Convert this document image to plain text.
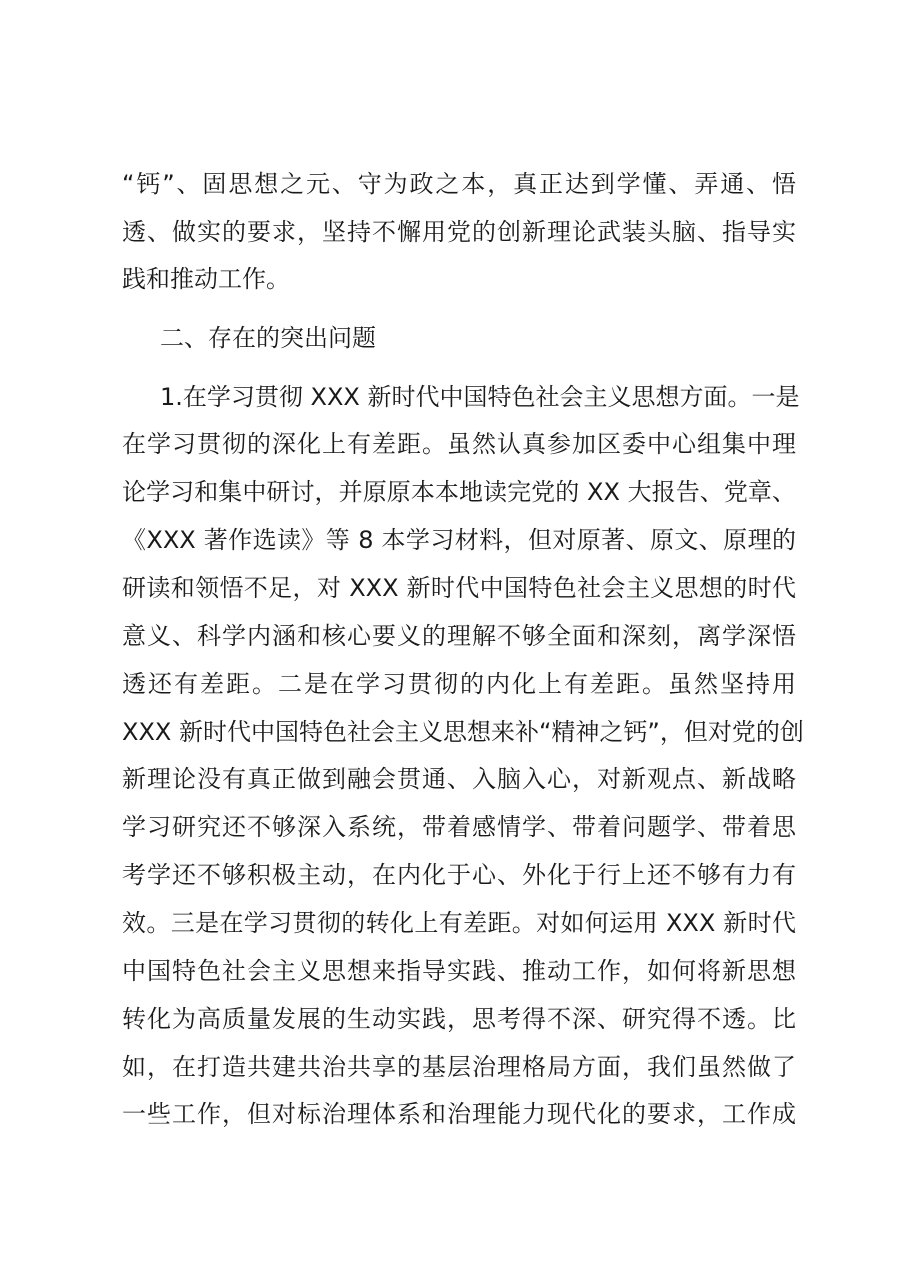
“钙”、固思想之元、守为政之本，真正达到学懂、弄通、悟

透、做实的要求，坚持不懈用党的创新理论武装头脑、指导实

践和推动工作。

二、存在的突出问题

1.在学习贯彻 XXX 新时代中国特色社会主义思想方面。一是

在学习贯彻的深化上有差距。虽然认真参加区委中心组集中理

论学习和集中研讨，并原原本本地读完党的 XX 大报告、党章、

《XXX 著作选读》等 8 本学习材料，但对原著、原文、原理的

研读和领悟不足，对 XXX 新时代中国特色社会主义思想的时代

意义、科学内涵和核心要义的理解不够全面和深刻，离学深悟

透还有差距。二是在学习贯彻的内化上有差距。虽然坚持用

XXX 新时代中国特色社会主义思想来补“精神之钙”，但对党的创

新理论没有真正做到融会贯通、入脑入心，对新观点、新战略

学习研究还不够深入系统，带着感情学、带着问题学、带着思

考学还不够积极主动，在内化于心、外化于行上还不够有力有

效。三是在学习贯彻的转化上有差距。对如何运用 XXX 新时代

中国特色社会主义思想来指导实践、推动工作，如何将新思想

转化为高质量发展的生动实践，思考得不深、研究得不透。比

如，在打造共建共治共享的基层治理格局方面，我们虽然做了

一些工作，但对标治理体系和治理能力现代化的要求，工作成
